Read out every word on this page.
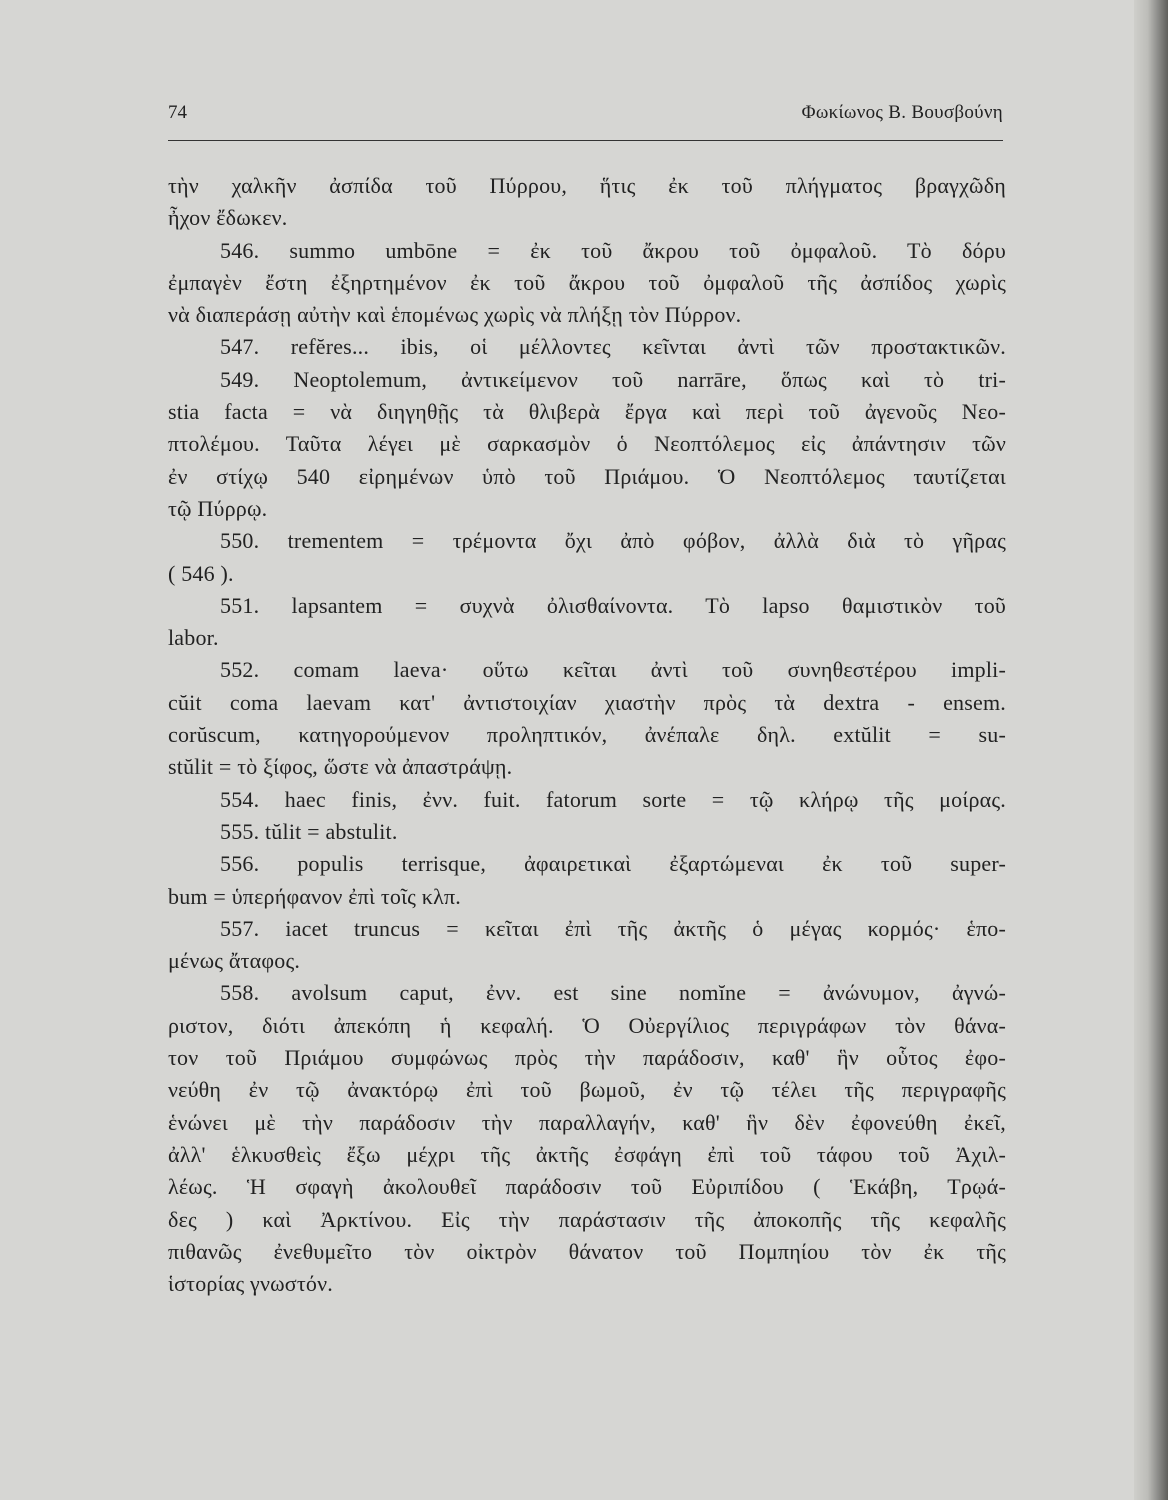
74	Φωκίωνος Β. Βουσβούνη
τὴν χαλκῆν ἀσπίδα τοῦ Πύρρου, ἥτις ἐκ τοῦ πλήγματος βραγχῶδη
ἦχον ἔδωκεν.
546. summo umbōne = ἐκ τοῦ ἄκρου τοῦ ὀμφαλοῦ. Τὸ δόρυ
ἐμπαγὲν ἔστη ἐξηρτημένον ἐκ τοῦ ἄκρου τοῦ ὀμφαλοῦ τῆς ἀσπίδος χωρὶς
νὰ διαπεράσῃ αὐτὴν καὶ ἑπομένως χωρὶς νὰ πλήξῃ τὸν Πύρρον.
547. refĕres... ibis, οἱ μέλλοντες κεῖνται ἀντὶ τῶν προστακτικῶν.
549. Neoptolemum, ἀντικείμενον τοῦ narrāre, ὅπως καὶ τὸ tri-
stia facta = νὰ διηγηθῇς τὰ θλιβερὰ ἔργα καὶ περὶ τοῦ ἀγενοῦς Νεο-
πτολέμου. Ταῦτα λέγει μὲ σαρκασμὸν ὁ Νεοπτόλεμος εἰς ἀπάντησιν τῶν
ἐν στίχῳ 540 εἰρημένων ὑπὸ τοῦ Πριάμου. Ὁ Νεοπτόλεμος ταυτίζεται
τῷ Πύρρῳ.
550. trementem = τρέμοντα ὄχι ἀπὸ φόβον, ἀλλὰ διὰ τὸ γῆρας
( 546 ).
551. lapsantem = συχνὰ ὀλισθαίνοντα. Τὸ lapso θαμιστικὸν τοῦ
labor.
552. comam laeva· οὕτω κεῖται ἀντὶ τοῦ συνηθεστέρου impli-
cŭit coma laevam κατ' ἀντιστοιχίαν χιαστὴν πρὸς τὰ dextra - ensem.
corŭscum, κατηγορούμενον προληπτικόν, ἀνέπαλε δηλ. extŭlit = su-
stŭlit = τὸ ξίφος, ὥστε νὰ ἀπαστράψῃ.
554. haec finis, ἐνν. fuit. fatorum sorte = τῷ κλήρῳ τῆς μοίρας.
555. tŭlit = abstulit.
556. populis terrisque, ἀφαιρετικαὶ ἐξαρτώμεναι ἐκ τοῦ super-
bum = ὑπερήφανον ἐπὶ τοῖς κλπ.
557. iacet truncus = κεῖται ἐπὶ τῆς ἀκτῆς ὁ μέγας κορμός· ἑπο-
μένως ἄταφος.
558. avolsum caput, ἐνν. est sine nomĭne = ἀνώνυμον, ἀγνώ-
ριστον, διότι ἀπεκόπη ἡ κεφαλή. Ὁ Οὐεργίλιος περιγράφων τὸν θάνα-
τον τοῦ Πριάμου συμφώνως πρὸς τὴν παράδοσιν, καθ' ἣν οὗτος ἐφο-
νεύθη ἐν τῷ ἀνακτόρῳ ἐπὶ τοῦ βωμοῦ, ἐν τῷ τέλει τῆς περιγραφῆς
ἑνώνει μὲ τὴν παράδοσιν τὴν παραλλαγήν, καθ' ἣν δὲν ἐφονεύθη ἐκεῖ,
ἀλλ' ἑλκυσθεὶς ἔξω μέχρι τῆς ἀκτῆς ἐσφάγη ἐπὶ τοῦ τάφου τοῦ Ἀχιλ-
λέως. Ἡ σφαγὴ ἀκολουθεῖ παράδοσιν τοῦ Εὐριπίδου ( Ἑκάβη, Τρῳά-
δες ) καὶ Ἀρκτίνου. Εἰς τὴν παράστασιν τῆς ἀποκοπῆς τῆς κεφαλῆς
πιθανῶς ἐνεθυμεῖτο τὸν οἰκτρὸν θάνατον τοῦ Πομπηίου τὸν ἐκ τῆς
ἱστορίας γνωστόν.
